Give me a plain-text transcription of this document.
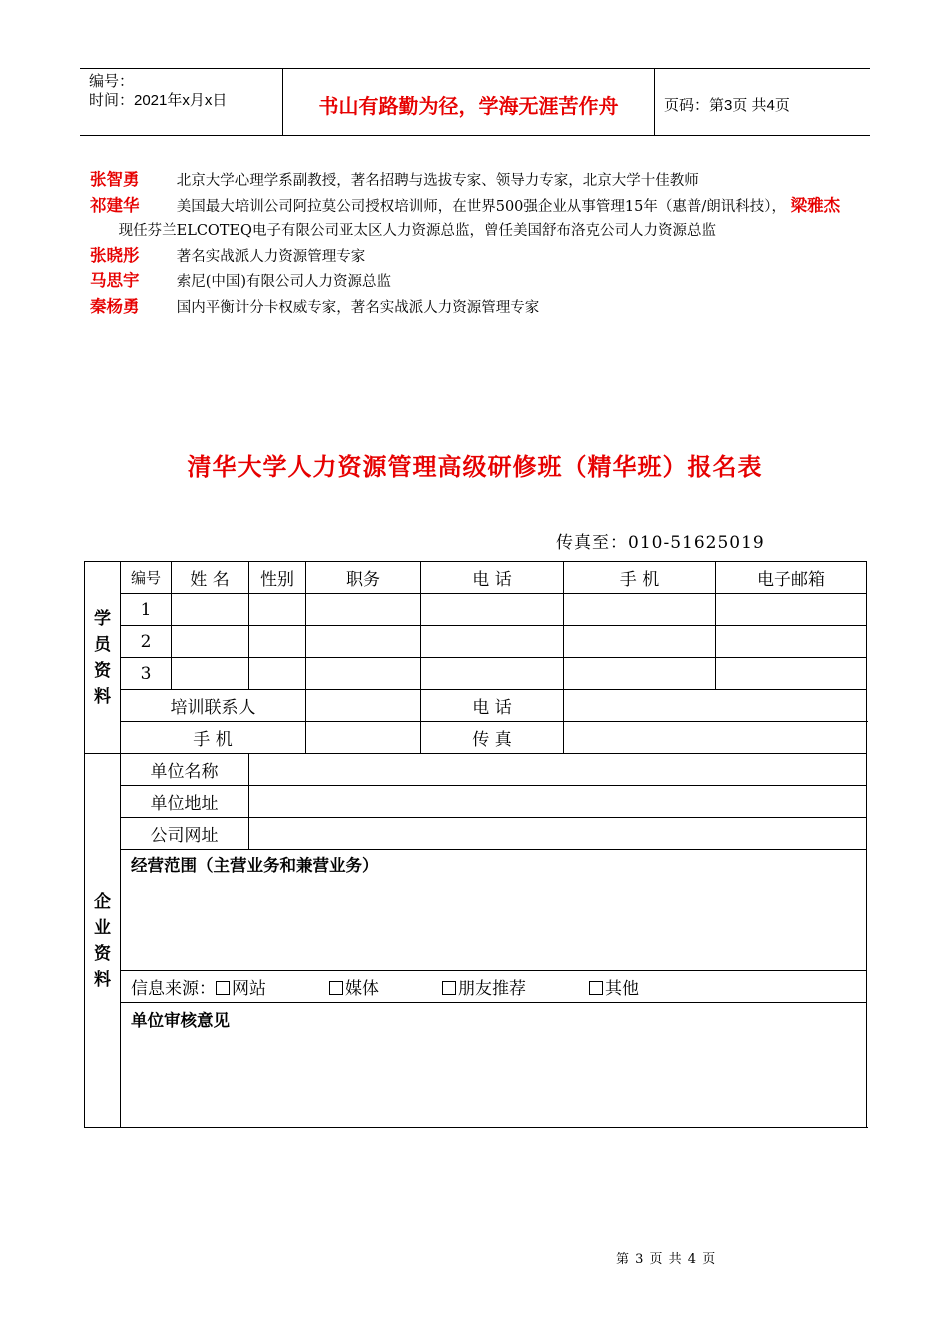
编号：
时间：2021年x月x日	书山有路勤为径，学海无涯苦作舟	页码：第3页 共4页
张智勇	北京大学心理学系副教授，著名招聘与选拔专家、领导力专家，北京大学十佳教师
祁建华	美国最大培训公司阿拉莫公司授权培训师，在世界500强企业从事管理15年（惠普/朗讯科技）， 梁雅杰  现任芬兰ELCOTEQ电子有限公司亚太区人力资源总监，曾任美国舒布洛克公司人力资源总监
张晓彤	著名实战派人力资源管理专家
马思宇	索尼(中国)有限公司人力资源总监
秦杨勇	国内平衡计分卡权威专家，著名实战派人力资源管理专家
清华大学人力资源管理高级研修班（精华班）报名表
传真至：010-51625019
学
员
资
料	编号	姓 名	性别	职务	电 话	手 机	电子邮箱
	1						
	2						
	3						
	培训联系人				电 话		
	手 机				传 真		

企
业
资
料	单位名称						
	单位地址						
	公司网址						
	经营范围（主营业务和兼营业务）						
	信息来源： 网站 媒体 朋友推荐 其他						
	单位审核意见						
第 3 页 共 4 页
